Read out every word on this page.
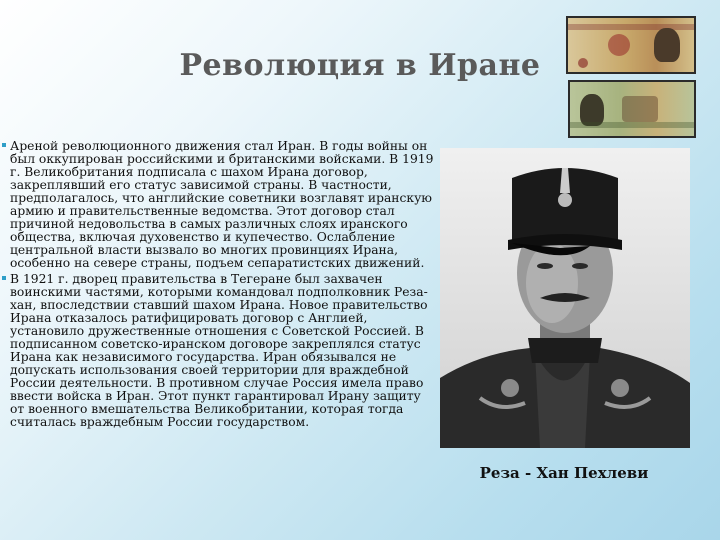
Революция в Иране

Ареной революционного движения стал Иран. В годы войны он был оккупирован российскими и британскими войсками. В 1919 г. Великобритания подписала с шахом Ирана договор, закреплявший его статус зависимой страны. В частности, предполагалось, что английские советники возглавят иранскую армию и правительственные ведомства. Этот договор стал причиной недовольства в самых различных слоях иранского общества, включая духовенство и купечество. Ослабление центральной власти вызвало во многих провинциях Ирана, особенно на севере страны, подъем сепаратистских движений.

В 1921 г. дворец правительства в Тегеране был захвачен воинскими частями, которыми командовал подполковник Реза-хан, впоследствии ставший шахом Ирана. Новое правительство Ирана отказалось ратифицировать договор с Англией, установило дружественные отношения с Советской Россией. В подписанном советско-иранском договоре закреплялся статус Ирана как независимого государства. Иран обязывался не допускать использования своей территории для враждебной России деятельности. В противном случае Россия имела право ввести войска в Иран. Этот пункт гарантировал Ирану защиту от военного вмешательства Великобритании, которая тогда считалась враждебным России государством.

Реза - Хан Пехлеви
